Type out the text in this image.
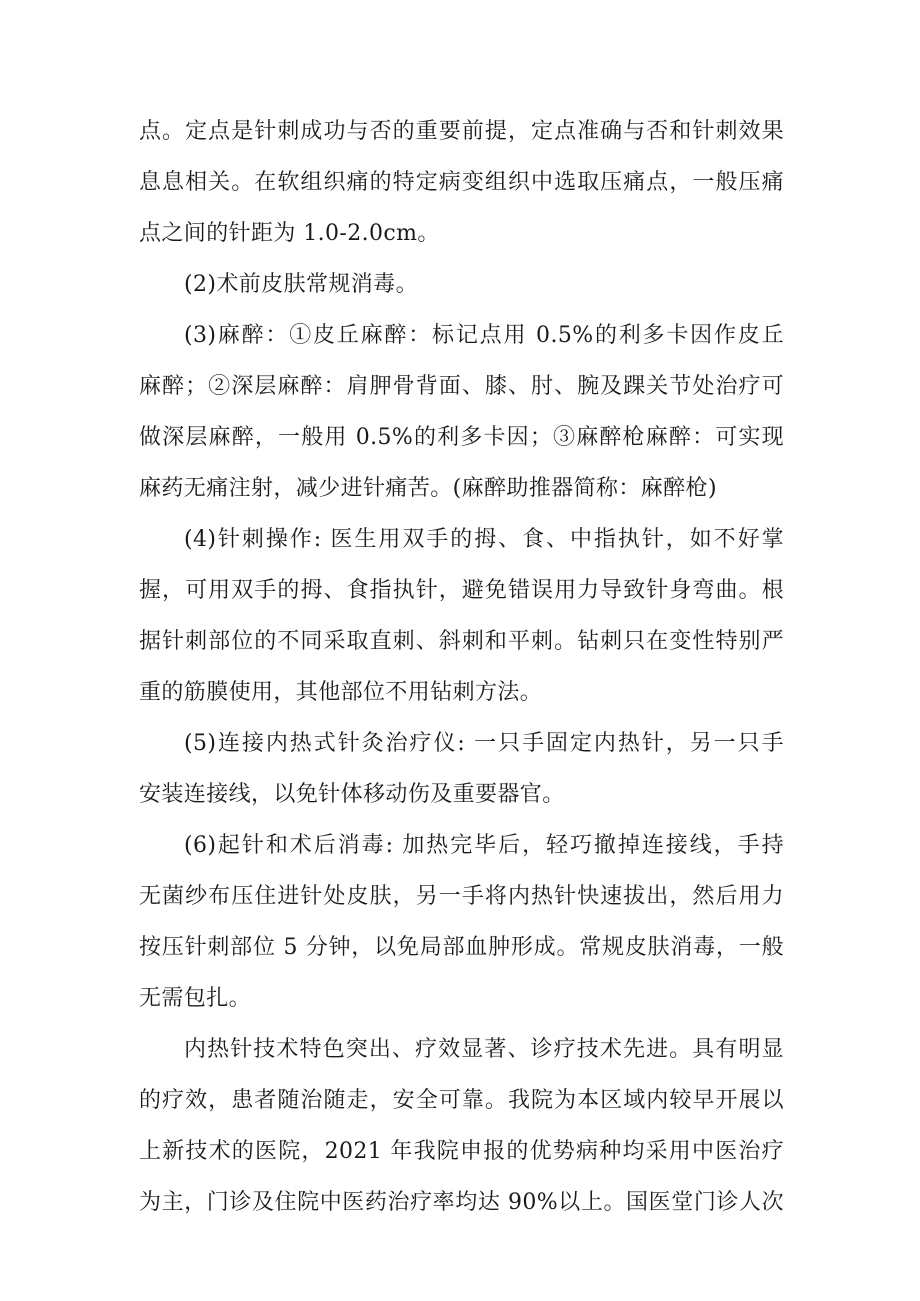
点。定点是针刺成功与否的重要前提，定点准确与否和针刺效果
息息相关。在软组织痛的特定病变组织中选取压痛点，一般压痛
点之间的针距为 1.0-2.0cm。
(2)术前皮肤常规消毒。
(3)麻醉：①皮丘麻醉：标记点用 0.5%的利多卡因作皮丘
麻醉；②深层麻醉：肩胛骨背面、膝、肘、腕及踝关节处治疗可
做深层麻醉，一般用 0.5%的利多卡因；③麻醉枪麻醉：可实现
麻药无痛注射，减少进针痛苦。(麻醉助推器简称：麻醉枪)
(4)针刺操作: 医生用双手的拇、食、中指执针，如不好掌
握，可用双手的拇、食指执针，避免错误用力导致针身弯曲。根
据针刺部位的不同采取直刺、斜刺和平刺。钻刺只在变性特别严
重的筋膜使用，其他部位不用钻刺方法。
(5)连接内热式针灸治疗仪: 一只手固定内热针，另一只手
安装连接线，以免针体移动伤及重要器官。
(6)起针和术后消毒: 加热完毕后，轻巧撤掉连接线，手持
无菌纱布压住进针处皮肤，另一手将内热针快速拔出，然后用力
按压针刺部位 5 分钟，以免局部血肿形成。常规皮肤消毒，一般
无需包扎。
内热针技术特色突出、疗效显著、诊疗技术先进。具有明显
的疗效，患者随治随走，安全可靠。我院为本区域内较早开展以
上新技术的医院，2021 年我院申报的优势病种均采用中医治疗
为主，门诊及住院中医药治疗率均达 90%以上。国医堂门诊人次
